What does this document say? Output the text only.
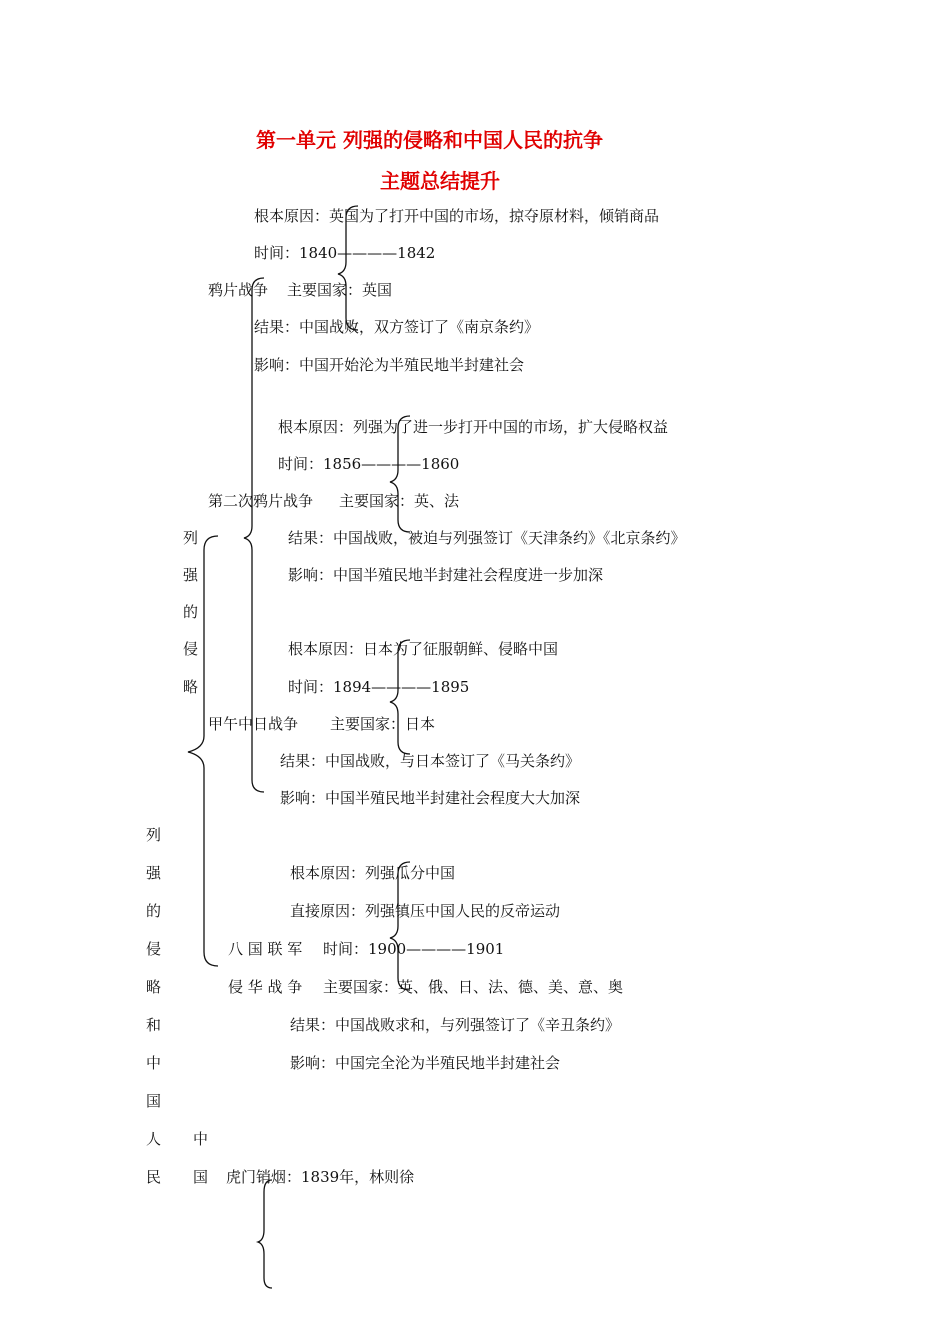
第一单元 列强的侵略和中国人民的抗争
主题总结提升
根本原因：英国为了打开中国的市场，掠夺原材料，倾销商品
时间：1840————1842
鸦片战争 主要国家：英国
结果：中国战败，双方签订了《南京条约》
影响：中国开始沦为半殖民地半封建社会
根本原因：列强为了进一步打开中国的市场，扩大侵略权益
时间：1856————1860
第二次鸦片战争 主要国家：英、法
结果：中国战败，被迫与列强签订《天津条约》《北京条约》
影响：中国半殖民地半封建社会程度进一步加深
根本原因：日本为了征服朝鲜、侵略中国
时间：1894————1895
甲午中日战争 主要国家：日本
结果：中国战败，与日本签订了《马关条约》
影响：中国半殖民地半封建社会程度大大加深
根本原因：列强瓜分中国
直接原因：列强镇压中国人民的反帝运动
八 国 联 军 时间：1900————1901
侵 华 战 争 主要国家：英、俄、日、法、德、美、意、奥
结果：中国战败求和，与列强签订了《辛丑条约》
影响：中国完全沦为半殖民地半封建社会
虎门销烟：1839年，林则徐
列
强
的
侵
略
列
强
的
侵
略
和
中
国
人
民
中
国
